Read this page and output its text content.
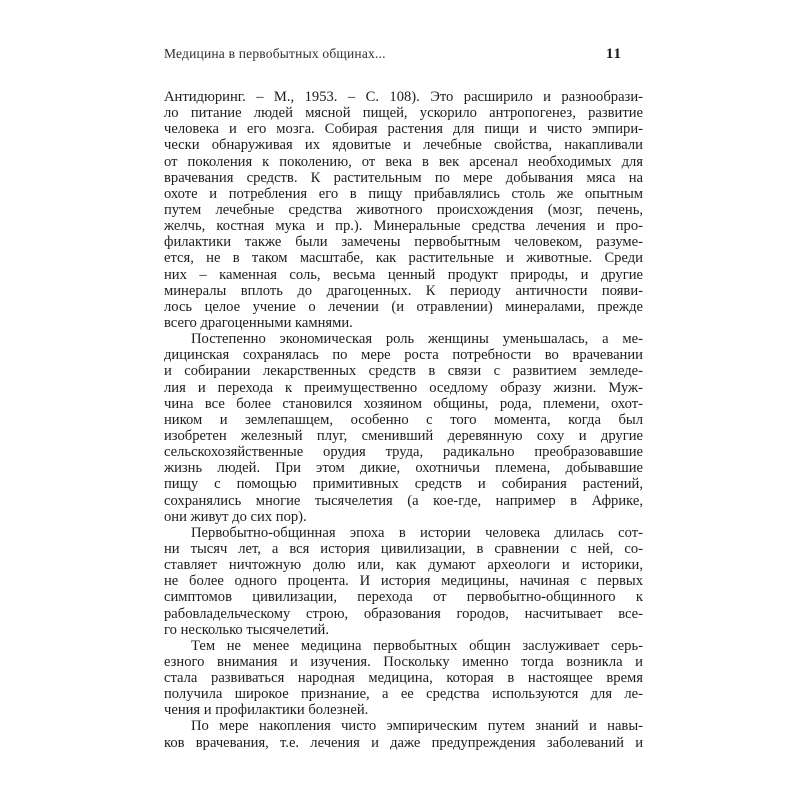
Медицина в первобытных общинах...	11
Антидюринг. – М., 1953. – С. 108). Это расширило и разнообрази-
ло питание людей мясной пищей, ускорило антропогенез, развитие
человека и его мозга. Собирая растения для пищи и чисто эмпири-
чески обнаруживая их ядовитые и лечебные свойства, накапливали
от поколения к поколению, от века в век арсенал необходимых для
врачевания средств. К растительным по мере добывания мяса на
охоте и потребления его в пищу прибавлялись столь же опытным
путем лечебные средства животного происхождения (мозг, печень,
желчь, костная мука и пр.). Минеральные средства лечения и про-
филактики также были замечены первобытным человеком, разуме-
ется, не в таком масштабе, как растительные и животные. Среди
них – каменная соль, весьма ценный продукт природы, и другие
минералы вплоть до драгоценных. К периоду античности появи-
лось целое учение о лечении (и отравлении) минералами, прежде
всего драгоценными камнями.
Постепенно экономическая роль женщины уменьшалась, а ме-
дицинская сохранялась по мере роста потребности во врачевании
и собирании лекарственных средств в связи с развитием земледе-
лия и перехода к преимущественно оседлому образу жизни. Муж-
чина все более становился хозяином общины, рода, племени, охот-
ником и землепашцем, особенно с того момента, когда был
изобретен железный плуг, сменивший деревянную соху и другие
сельскохозяйственные орудия труда, радикально преобразовавшие
жизнь людей. При этом дикие, охотничьи племена, добывавшие
пищу с помощью примитивных средств и собирания растений,
сохранялись многие тысячелетия (а кое-где, например в Африке,
они живут до сих пор).
Первобытно-общинная эпоха в истории человека длилась сот-
ни тысяч лет, а вся история цивилизации, в сравнении с ней, со-
ставляет ничтожную долю или, как думают археологи и историки,
не более одного процента. И история медицины, начиная с первых
симптомов цивилизации, перехода от первобытно-общинного к
рабовладельческому строю, образования городов, насчитывает все-
го несколько тысячелетий.
Тем не менее медицина первобытных общин заслуживает серь-
езного внимания и изучения. Поскольку именно тогда возникла и
стала развиваться народная медицина, которая в настоящее время
получила широкое признание, а ее средства используются для ле-
чения и профилактики болезней.
По мере накопления чисто эмпирическим путем знаний и навы-
ков врачевания, т.е. лечения и даже предупреждения заболеваний и
